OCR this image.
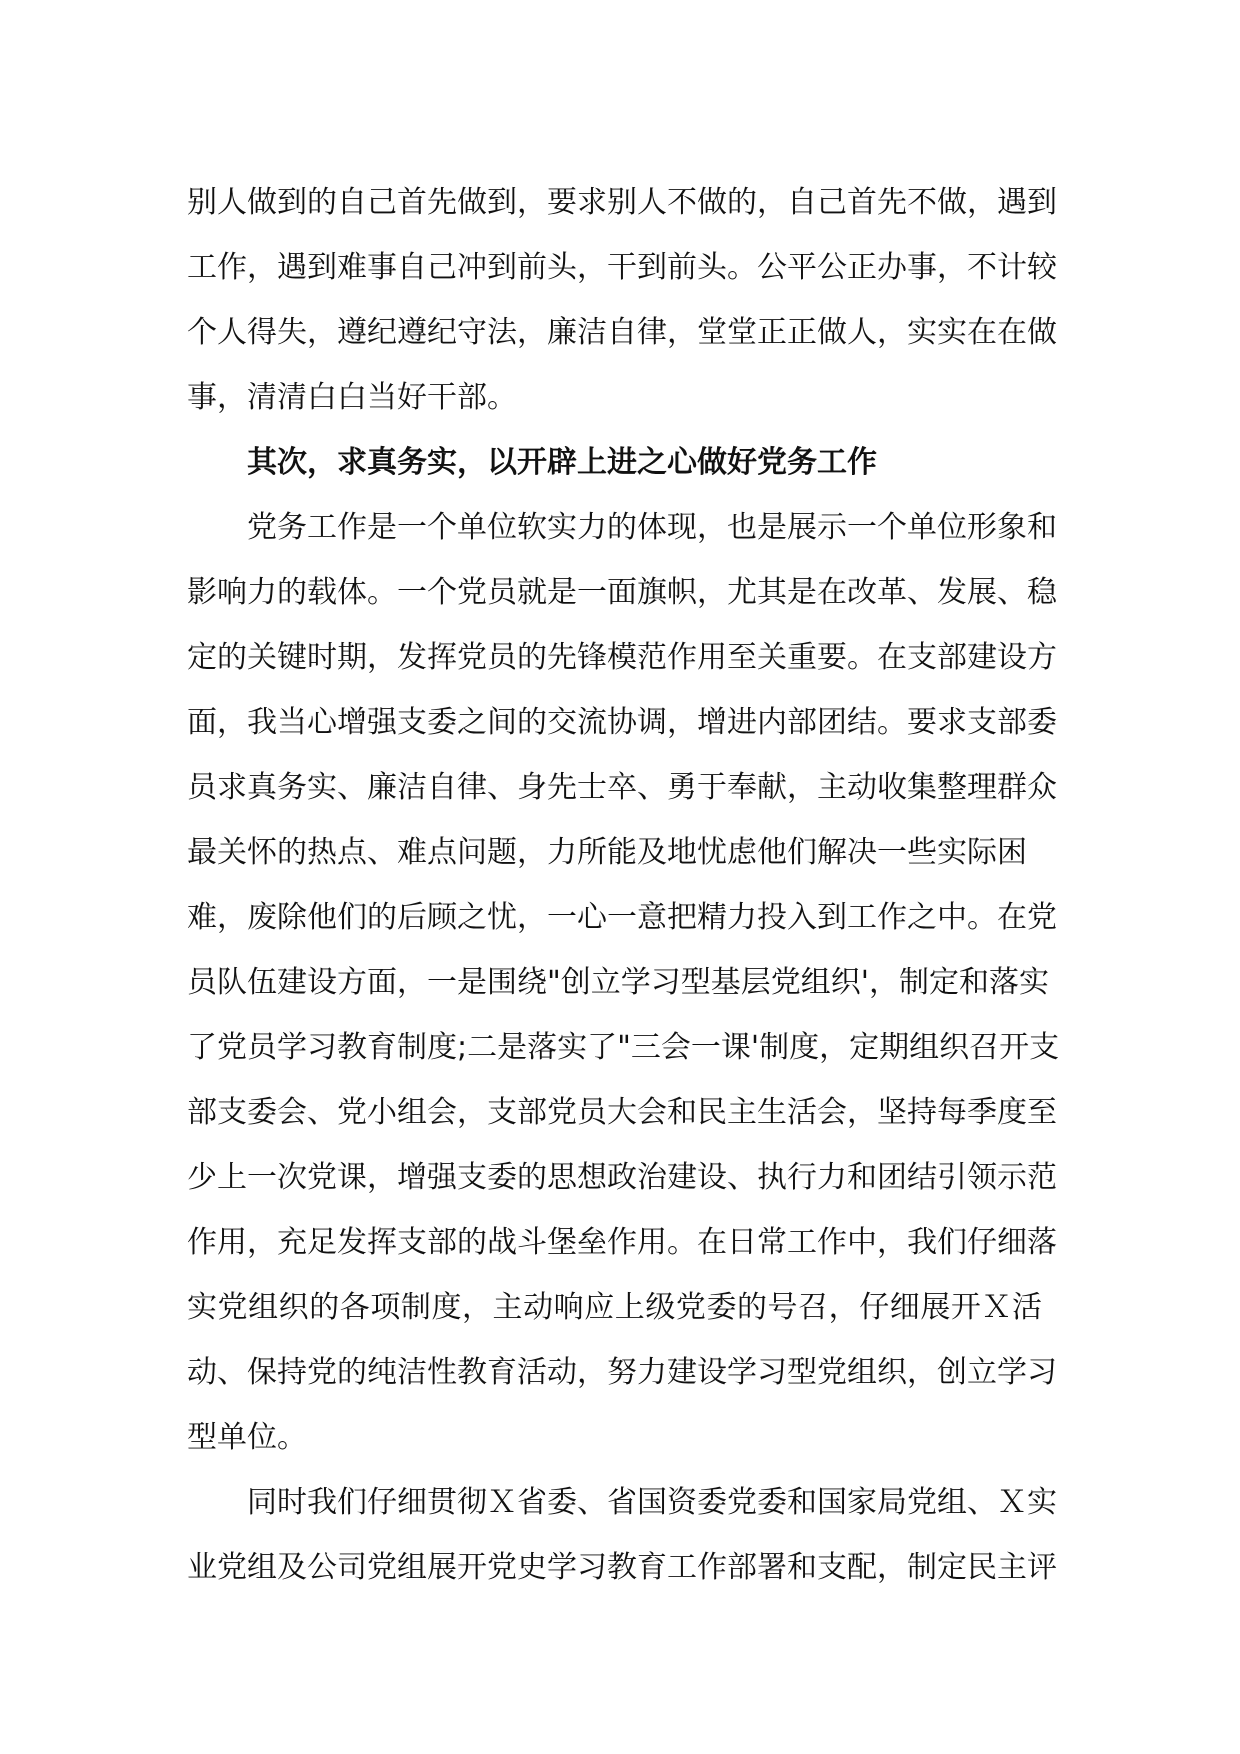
别人做到的自己首先做到，要求别人不做的，自己首先不做，遇到
工作，遇到难事自己冲到前头，干到前头。公平公正办事，不计较
个人得失，遵纪遵纪守法，廉洁自律，堂堂正正做人，实实在在做
事，清清白白当好干部。
其次，求真务实，以开辟上进之心做好党务工作
党务工作是一个单位软实力的体现，也是展示一个单位形象和
影响力的载体。一个党员就是一面旗帜，尤其是在改革、发展、稳
定的关键时期，发挥党员的先锋模范作用至关重要。在支部建设方
面，我当心增强支委之间的交流协调，增进内部团结。要求支部委
员求真务实、廉洁自律、身先士卒、勇于奉献，主动收集整理群众
最关怀的热点、难点问题，力所能及地忧虑他们解决一些实际困
难，废除他们的后顾之忧，一心一意把精力投入到工作之中。在党
员队伍建设方面，一是围绕"创立学习型基层党组织'，制定和落实
了党员学习教育制度;二是落实了"三会一课'制度，定期组织召开支
部支委会、党小组会，支部党员大会和民主生活会，坚持每季度至
少上一次党课，增强支委的思想政治建设、执行力和团结引领示范
作用，充足发挥支部的战斗堡垒作用。在日常工作中，我们仔细落
实党组织的各项制度，主动响应上级党委的号召，仔细展开Ｘ活
动、保持党的纯洁性教育活动，努力建设学习型党组织，创立学习
型单位。
同时我们仔细贯彻Ｘ省委、省国资委党委和国家局党组、Ｘ实
业党组及公司党组展开党史学习教育工作部署和支配，制定民主评
